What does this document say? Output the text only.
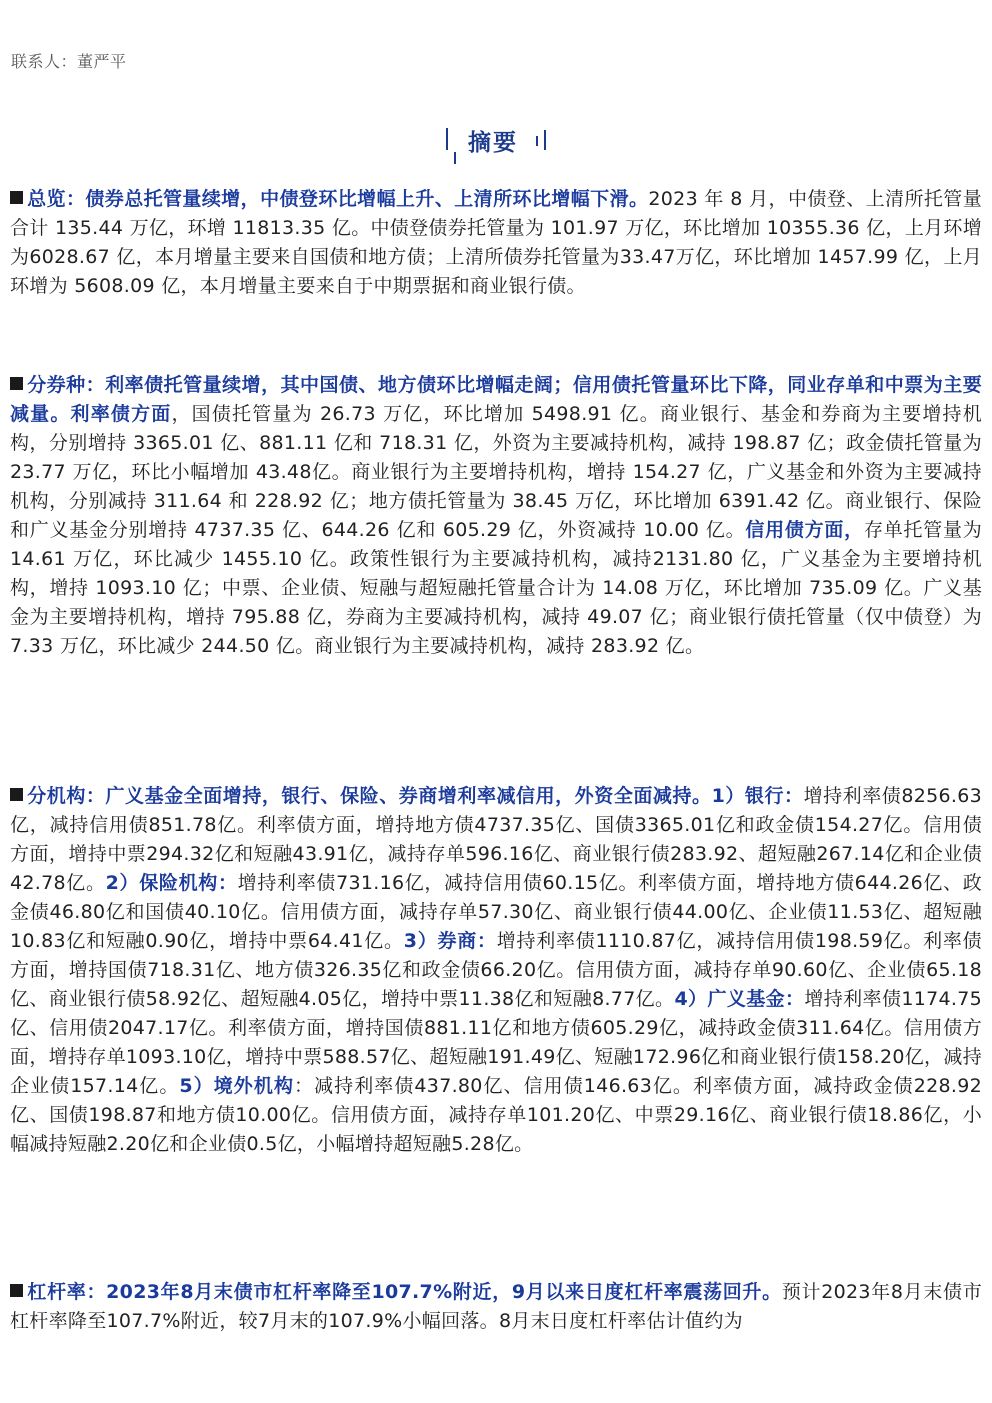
联系人：董严平
摘要

总览：债券总托管量续增，中债登环比增幅上升、上清所环比增幅下滑。2023 年 8 月，中债登、上清所托管量合计 135.44 万亿，环增 11813.35 亿。中债登债券托管量为 101.97 万亿，环比增加 10355.36 亿，上月环增为6028.67 亿，本月增量主要来自国债和地方债；上清所债券托管量为33.47万亿，环比增加 1457.99 亿，上月环增为 5608.09 亿，本月增量主要来自于中期票据和商业银行债。

分券种：利率债托管量续增，其中国债、地方债环比增幅走阔；信用债托管量环比下降，同业存单和中票为主要减量。利率债方面，国债托管量为 26.73 万亿，环比增加 5498.91 亿。商业银行、基金和券商为主要增持机构，分别增持 3365.01 亿、881.11 亿和 718.31 亿，外资为主要减持机构，减持 198.87 亿；政金债托管量为 23.77 万亿，环比小幅增加 43.48亿。商业银行为主要增持机构，增持 154.27 亿，广义基金和外资为主要减持机构，分别减持 311.64 和 228.92 亿；地方债托管量为 38.45 万亿，环比增加 6391.42 亿。商业银行、保险和广义基金分别增持 4737.35 亿、644.26 亿和 605.29 亿，外资减持 10.00 亿。信用债方面，存单托管量为 14.61 万亿，环比减少 1455.10 亿。政策性银行为主要减持机构，减持2131.80 亿，广义基金为主要增持机构，增持 1093.10 亿；中票、企业债、短融与超短融托管量合计为 14.08 万亿，环比增加 735.09 亿。广义基金为主要增持机构，增持 795.88 亿，券商为主要减持机构，减持 49.07 亿；商业银行债托管量（仅中债登）为 7.33 万亿，环比减少 244.50 亿。商业银行为主要减持机构，减持 283.92 亿。

分机构：广义基金全面增持，银行、保险、券商增利率减信用，外资全面减持。1）银行：增持利率债8256.63亿，减持信用债851.78亿。利率债方面，增持地方债4737.35亿、国债3365.01亿和政金债154.27亿。信用债方面，增持中票294.32亿和短融43.91亿，减持存单596.16亿、商业银行债283.92、超短融267.14亿和企业债42.78亿。2）保险机构：增持利率债731.16亿，减持信用债60.15亿。利率债方面，增持地方债644.26亿、政金债46.80亿和国债40.10亿。信用债方面，减持存单57.30亿、商业银行债44.00亿、企业债11.53亿、超短融10.83亿和短融0.90亿，增持中票64.41亿。3）券商：增持利率债1110.87亿，减持信用债198.59亿。利率债方面，增持国债718.31亿、地方债326.35亿和政金债66.20亿。信用债方面，减持存单90.60亿、企业债65.18亿、商业银行债58.92亿、超短融4.05亿，增持中票11.38亿和短融8.77亿。4）广义基金：增持利率债1174.75亿、信用债2047.17亿。利率债方面，增持国债881.11亿和地方债605.29亿，减持政金债311.64亿。信用债方面，增持存单1093.10亿，增持中票588.57亿、超短融191.49亿、短融172.96亿和商业银行债158.20亿，减持企业债157.14亿。5）境外机构：减持利率债437.80亿、信用债146.63亿。利率债方面，减持政金债228.92亿、国债198.87和地方债10.00亿。信用债方面，减持存单101.20亿、中票29.16亿、商业银行债18.86亿，小幅减持短融2.20亿和企业债0.5亿，小幅增持超短融5.28亿。

杠杆率：2023年8月末债市杠杆率降至107.7%附近，9月以来日度杠杆率震荡回升。预计2023年8月末债市杠杆率降至107.7%附近，较7月末的107.9%小幅回落。8月末日度杠杆率估计值约为
